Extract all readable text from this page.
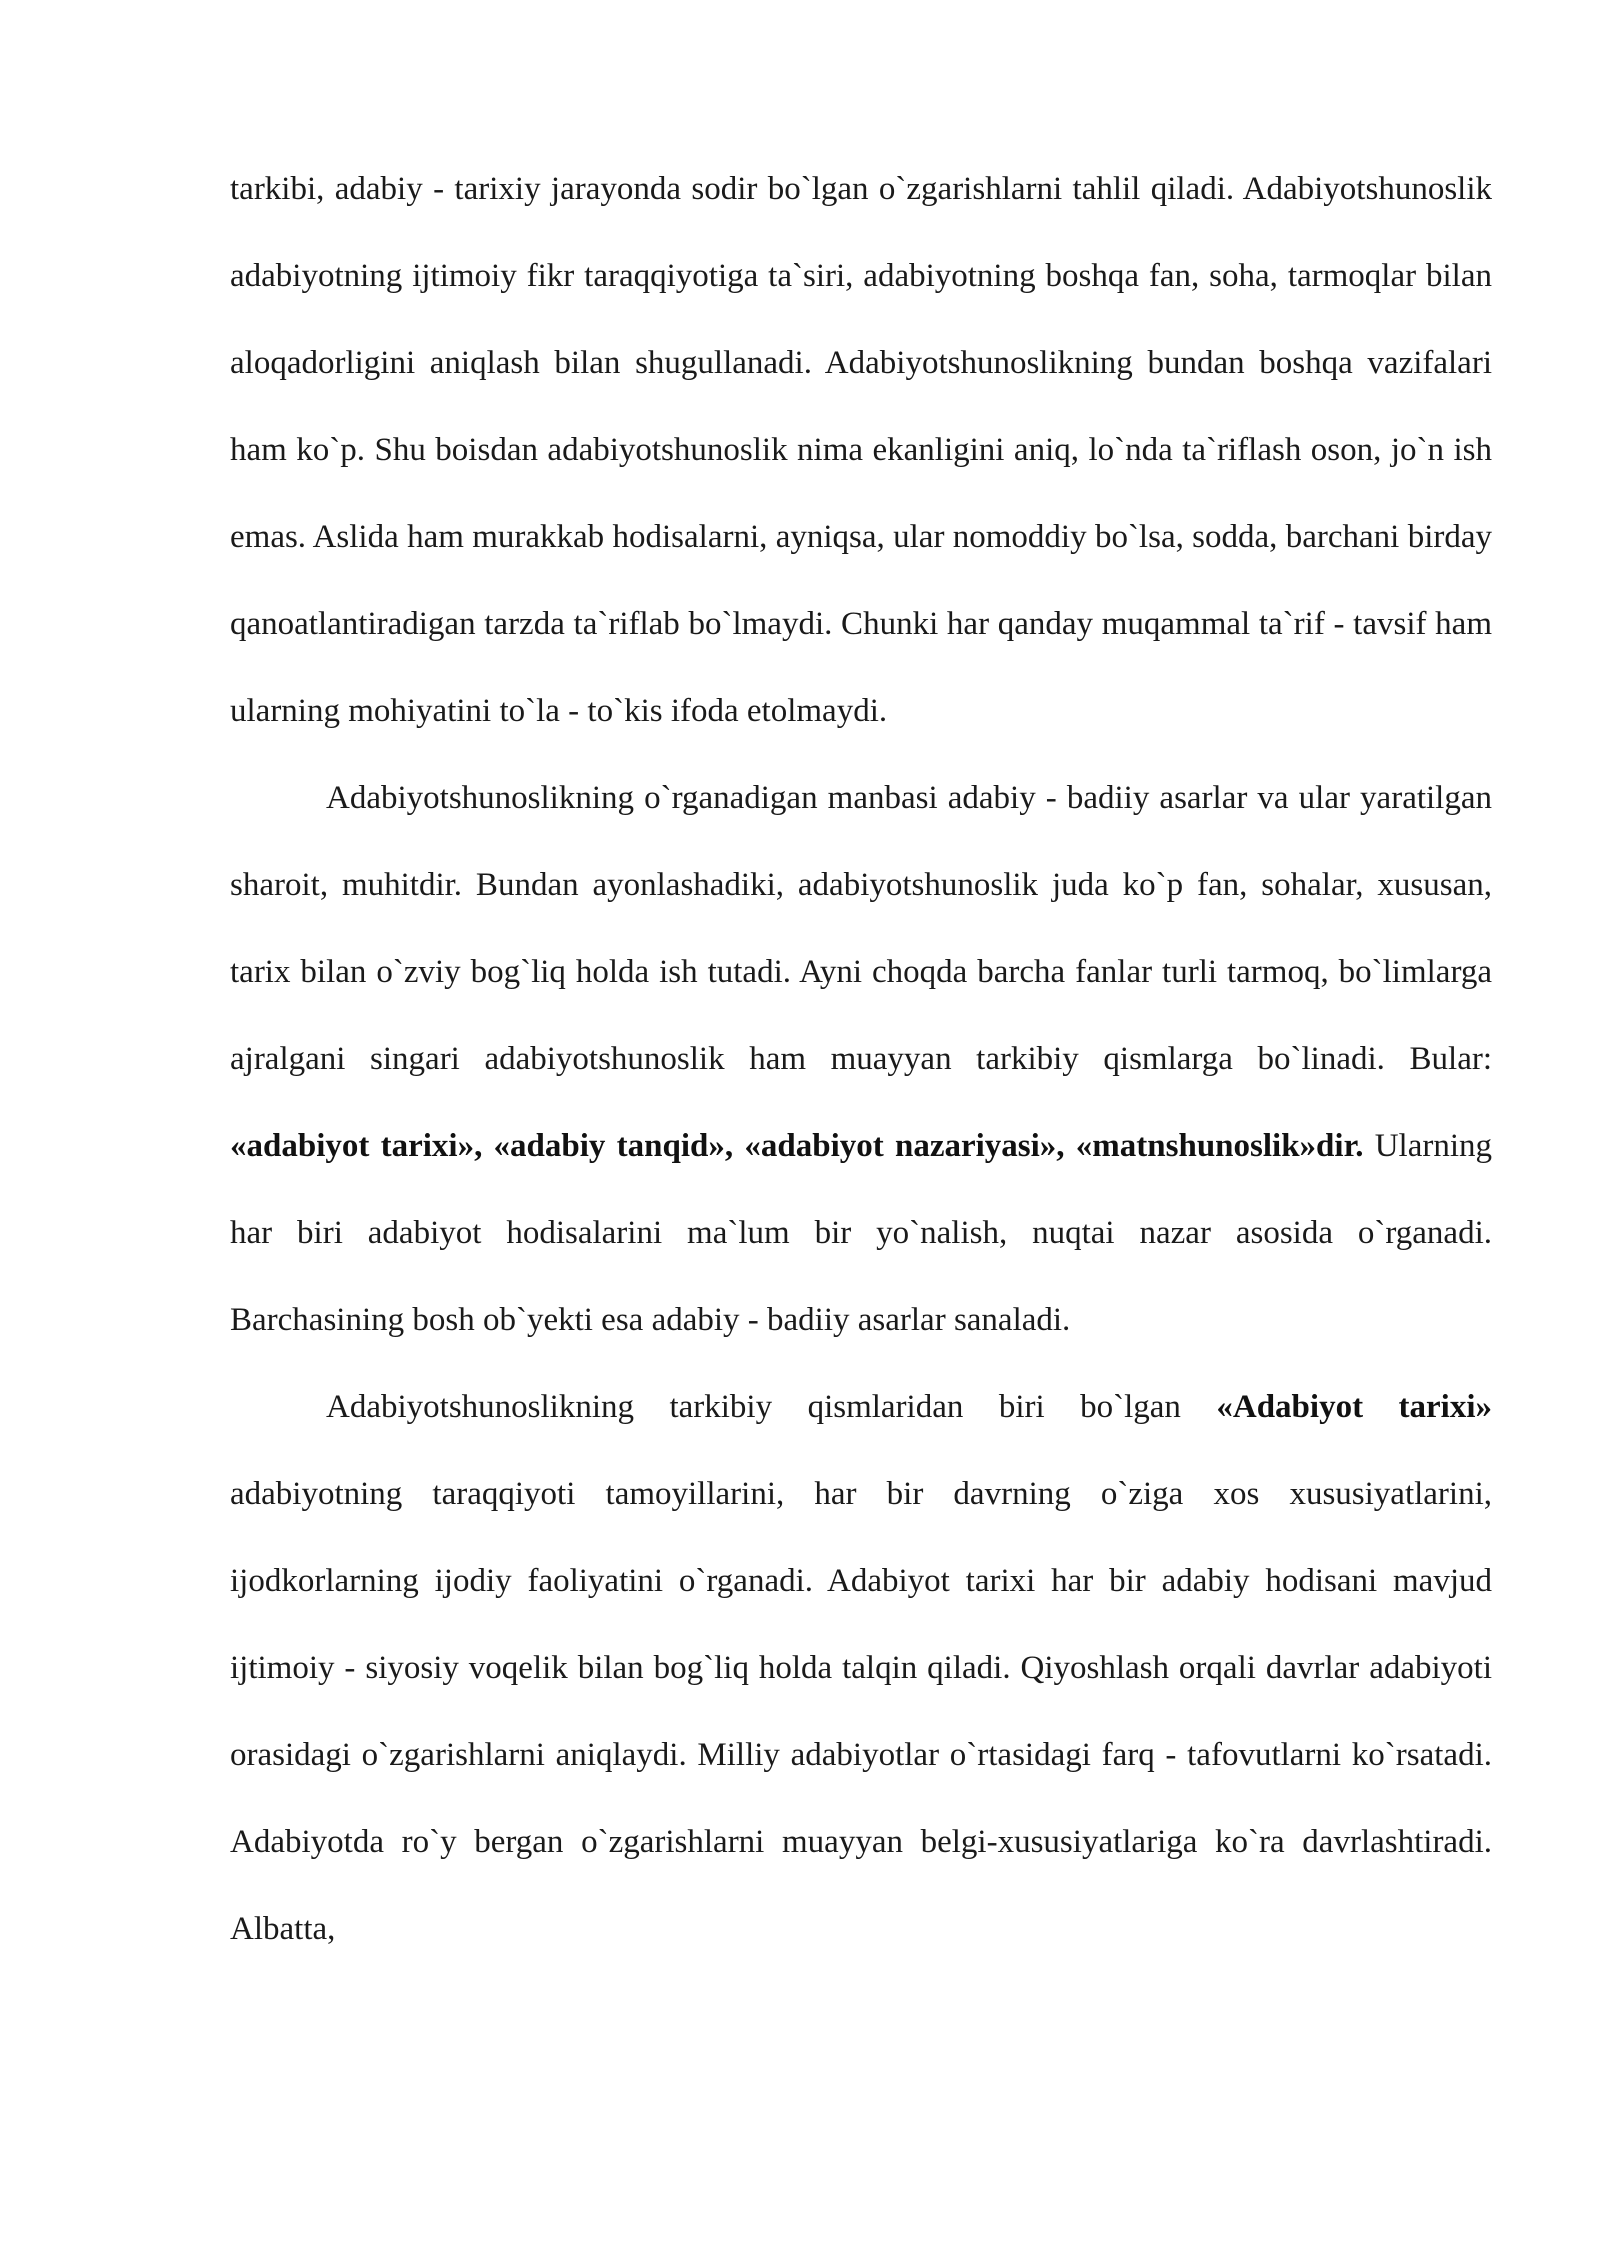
tarkibi, adabiy - tarixiy jarayonda sodir bo`lgan o`zgarishlarni tahlil qiladi. Adabiyotshunoslik adabiyotning ijtimoiy fikr taraqqiyotiga ta`siri, adabiyotning boshqa fan, soha, tarmoqlar bilan aloqadorligini aniqlash bilan shugullanadi. Adabiyotshunoslikning bundan boshqa vazifalari ham ko`p. Shu boisdan adabiyotshunoslik nima ekanligini aniq, lo`nda ta`riflash oson, jo`n ish emas. Aslida ham murakkab hodisalarni, ayniqsa, ular nomoddiy bo`lsa, sodda, barchani birday qanoatlantiradigan tarzda ta`riflab bo`lmaydi. Chunki har qanday muqammal ta`rif - tavsif ham ularning mohiyatini to`la - to`kis ifoda etolmaydi.

Adabiyotshunoslikning o`rganadigan manbasi adabiy - badiiy asarlar va ular yaratilgan sharoit, muhitdir. Bundan ayonlashadiki, adabiyotshunoslik juda ko`p fan, sohalar, xususan, tarix bilan o`zviy bog`liq holda ish tutadi. Ayni choqda barcha fanlar turli tarmoq, bo`limlarga ajralgani singari adabiyotshunoslik ham muayyan tarkibiy qismlarga bo`linadi. Bular: «adabiyot tarixi», «adabiy tanqid», «adabiyot nazariyasi», «matnshunoslik»dir. Ularning har biri adabiyot hodisalarini ma`lum bir yo`nalish, nuqtai nazar asosida o`rganadi. Barchasining bosh ob`yekti esa adabiy - badiiy asarlar sanaladi.

Adabiyotshunoslikning tarkibiy qismlaridan biri bo`lgan «Adabiyot tarixi» adabiyotning taraqqiyoti tamoyillarini, har bir davrning o`ziga xos xususiyatlarini, ijodkorlarning ijodiy faoliyatini o`rganadi. Adabiyot tarixi har bir adabiy hodisani mavjud ijtimoiy - siyosiy voqelik bilan bog`liq holda talqin qiladi. Qiyoshlash orqali davrlar adabiyoti orasidagi o`zgarishlarni aniqlaydi. Milliy adabiyotlar o`rtasidagi farq - tafovutlarni ko`rsatadi. Adabiyotda ro`y bergan o`zgarishlarni muayyan belgi-xususiyatlariga ko`ra davrlashtiradi. Albatta,
